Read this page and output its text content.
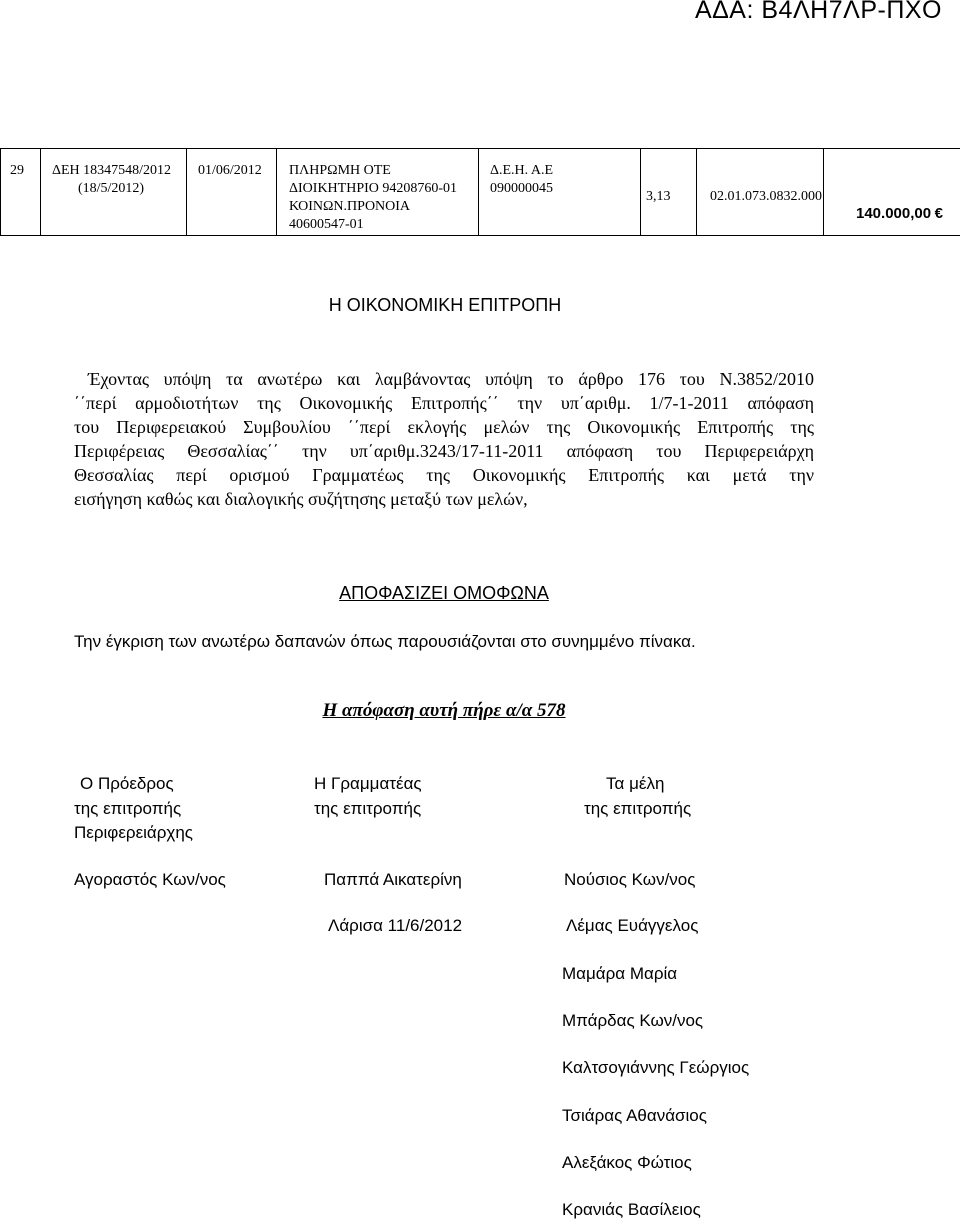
ΑΔΑ: Β4ΛΗ7ΛΡ-ΠΧΟ
29 ΔΕΗ 18347548/2012
(18/5/2012)
01/06/2012 ΠΛΗΡΩΜΗ ΟΤΕ
ΔΙΟΙΚΗΤΗΡΙΟ 94208760-01
ΚΟΙΝΩΝ.ΠΡΟΝΟΙΑ
40600547-01
Δ.Ε.Η. Α.Ε
090000045
3,13	02.01.073.0832.000
140.000,00 €
Η ΟΙΚΟΝΟΜΙΚΗ ΕΠΙΤΡΟΠΗ
Έχοντας υπόψη τα ανωτέρω και λαμβάνοντας υπόψη το άρθρο 176 του Ν.3852/2010
΄΄περί αρμοδιοτήτων της Οικονομικής Επιτροπής΄΄ την υπ΄αριθμ. 1/7-1-2011 απόφαση
του Περιφερειακού Συμβουλίου ΄΄περί εκλογής μελών της Οικονομικής Επιτροπής της
Περιφέρειας Θεσσαλίας΄΄ την υπ΄αριθμ.3243/17-11-2011 απόφαση του Περιφερειάρχη
Θεσσαλίας περί ορισμού Γραμματέως της Οικονομικής Επιτροπής και μετά την
εισήγηση καθώς και διαλογικής συζήτησης μεταξύ των μελών,
ΑΠΟΦΑΣΙΖΕΙ ΟΜΟΦΩΝΑ
Την έγκριση των ανωτέρω δαπανών όπως παρουσιάζονται στο συνημμένο πίνακα.
Η απόφαση αυτή πήρε α/α 578
Ο Πρόεδρος
της επιτροπής
Περιφερειάρχης
Αγοραστός Κων/νος
Η Γραμματέας
της επιτροπής
Παππά Αικατερίνη
Λάρισα 11/6/2012
Τα μέλη
της επιτροπής
Νούσιος Κων/νος
Λέμας Ευάγγελος
Μαμάρα Μαρία
Μπάρδας Κων/νος
Καλτσογιάννης Γεώργιος
Τσιάρας Αθανάσιος
Αλεξάκος Φώτιος
Κρανιάς Βασίλειος
